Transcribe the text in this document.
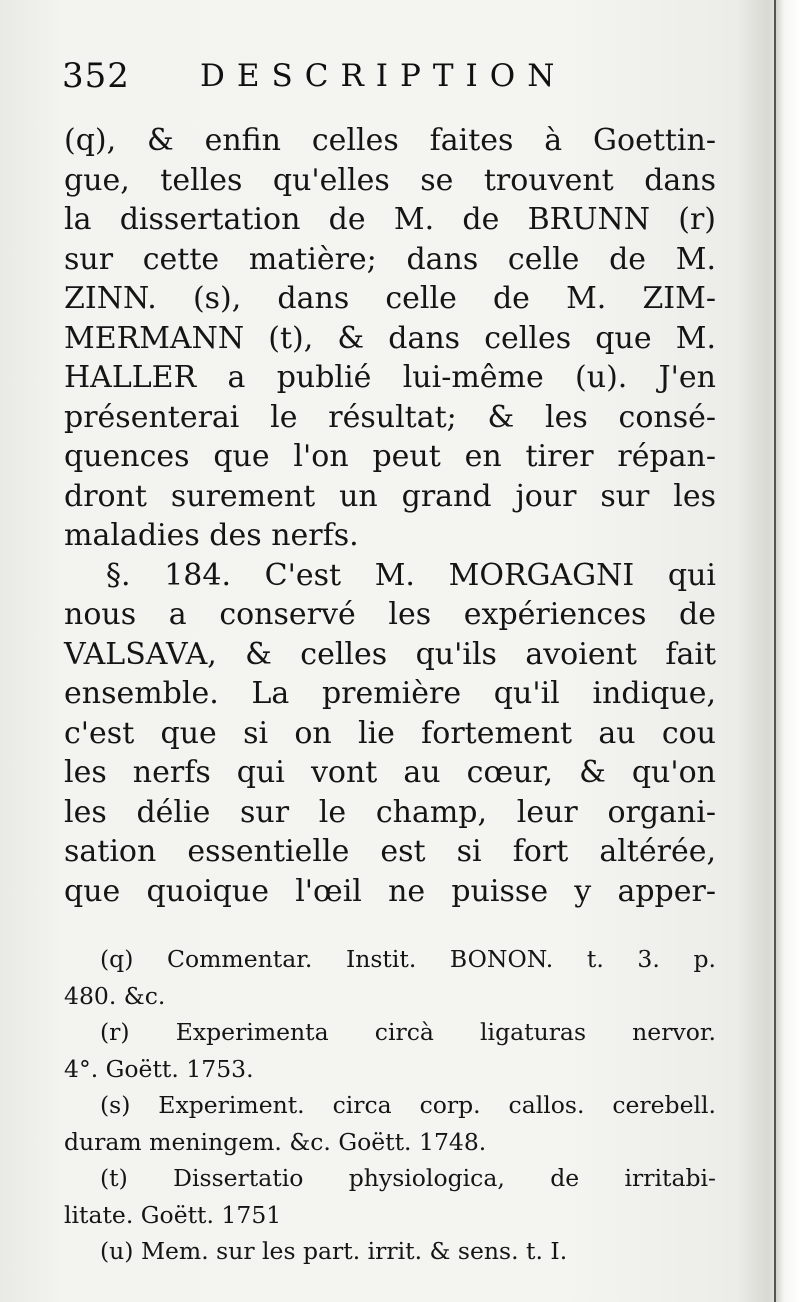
352 DESCRIPTION
(q), & enfin celles faites à Goettin-
gue, telles qu'elles se trouvent dans
la dissertation de M. de BRUNN (r)
sur cette matière; dans celle de M.
ZINN. (s), dans celle de M. ZIM-
MERMANN (t), & dans celles que M.
HALLER a publié lui-même (u). J'en
présenterai le résultat; & les consé-
quences que l'on peut en tirer répan-
dront surement un grand jour sur les
maladies des nerfs.
§. 184. C'est M. MORGAGNI qui
nous a conservé les expériences de
VALSAVA, & celles qu'ils avoient fait
ensemble. La première qu'il indique,
c'est que si on lie fortement au cou
les nerfs qui vont au cœur, & qu'on
les délie sur le champ, leur organi-
sation essentielle est si fort altérée,
que quoique l'œil ne puisse y apper-
(q) Commentar. Instit. BONON. t. 3. p.
480. &c.
(r) Experimenta circà ligaturas nervor.
4°. Goëtt. 1753.
(s) Experiment. circa corp. callos. cerebell.
duram meningem. &c. Goëtt. 1748.
(t) Dissertatio physiologica, de irritabi-
litate. Goëtt. 1751
(u) Mem. sur les part. irrit. & sens. t. I.
